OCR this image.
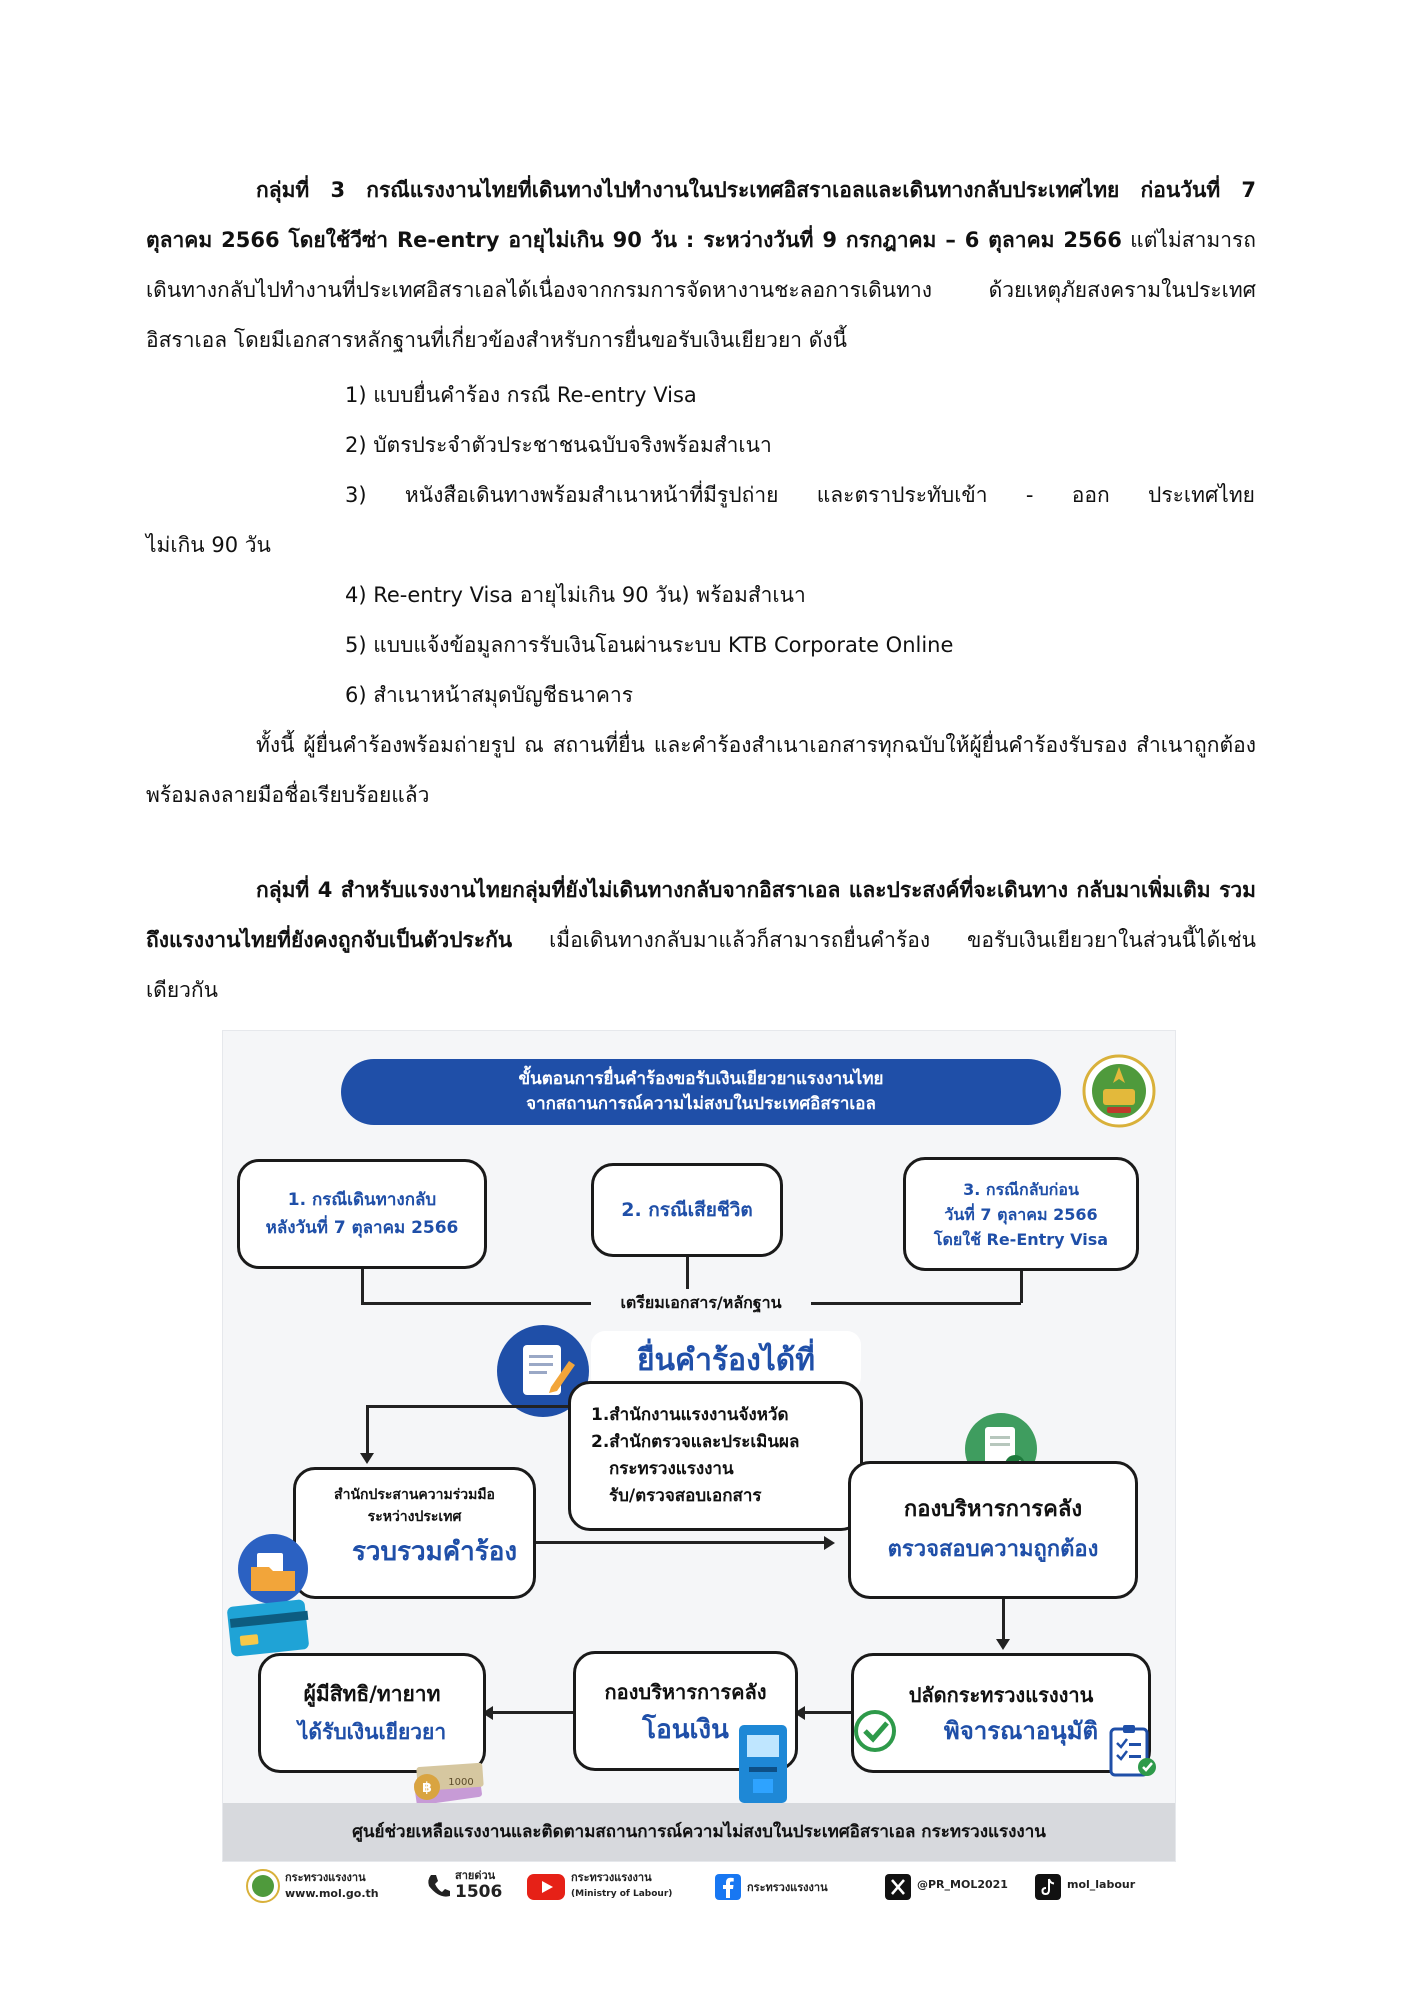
กลุ่มที่ 3 กรณีแรงงานไทยที่เดินทางไปทำงานในประเทศอิสราเอลและเดินทางกลับประเทศไทย ก่อนวันที่ 7 ตุลาคม 2566 โดยใช้วีซ่า Re-entry อายุไม่เกิน 90 วัน : ระหว่างวันที่ 9 กรกฎาคม – 6 ตุลาคม 2566 แต่ไม่สามารถเดินทางกลับไปทำงานที่ประเทศอิสราเอลได้เนื่องจากกรมการจัดหางานชะลอการเดินทาง ด้วยเหตุภัยสงครามในประเทศอิสราเอล โดยมีเอกสารหลักฐานที่เกี่ยวข้องสำหรับการยื่นขอรับเงินเยียวยา ดังนี้

1) แบบยื่นคำร้อง กรณี Re-entry Visa

2) บัตรประจำตัวประชาชนฉบับจริงพร้อมสำเนา

3) หนังสือเดินทางพร้อมสำเนาหน้าที่มีรูปถ่าย และตราประทับเข้า - ออก ประเทศไทย

ไม่เกิน 90 วัน

4) Re-entry Visa อายุไม่เกิน 90 วัน) พร้อมสำเนา

5) แบบแจ้งข้อมูลการรับเงินโอนผ่านระบบ KTB Corporate Online

6) สำเนาหน้าสมุดบัญชีธนาคาร

ทั้งนี้ ผู้ยื่นคำร้องพร้อมถ่ายรูป ณ สถานที่ยื่น และคำร้องสำเนาเอกสารทุกฉบับให้ผู้ยื่นคำร้องรับรอง สำเนาถูกต้องพร้อมลงลายมือชื่อเรียบร้อยแล้ว

กลุ่มที่ 4 สำหรับแรงงานไทยกลุ่มที่ยังไม่เดินทางกลับจากอิสราเอล และประสงค์ที่จะเดินทาง กลับมาเพิ่มเติม รวมถึงแรงงานไทยที่ยังคงถูกจับเป็นตัวประกัน เมื่อเดินทางกลับมาแล้วก็สามารถยื่นคำร้อง ขอรับเงินเยียวยาในส่วนนี้ได้เช่นเดียวกัน

ขั้นตอนการยื่นคำร้องขอรับเงินเยียวยาแรงงานไทย
จากสถานการณ์ความไม่สงบในประเทศอิสราเอล
1. กรณีเดินทางกลับ
หลังวันที่ 7 ตุลาคม 2566
2. กรณีเสียชีวิต
3. กรณีกลับก่อน
วันที่ 7 ตุลาคม 2566
โดยใช้ Re-Entry Visa
เตรียมเอกสาร/หลักฐาน
ยื่นคำร้องได้ที่
1.สำนักงานแรงงานจังหวัด
2.สำนักตรวจและประเมินผล
กระทรวงแรงงาน
รับ/ตรวจสอบเอกสาร
สำนักประสานความร่วมมือ
ระหว่างประเทศ
รวบรวมคำร้อง
กองบริหารการคลัง
ตรวจสอบความถูกต้อง
ปลัดกระทรวงแรงงาน
พิจารณาอนุมัติ
กองบริหารการคลัง
โอนเงิน
ผู้มีสิทธิ/ทายาท
ได้รับเงินเยียวยา
฿ 1000
ศูนย์ช่วยเหลือแรงงานและติดตามสถานการณ์ความไม่สงบในประเทศอิสราเอล กระทรวงแรงงาน
กระทรวงแรงงาน
www.mol.go.th
สายด่วน
1506
กระทรวงแรงงาน
(Ministry of Labour)	กระทรวงแรงงาน	@PR_MOL2021	mol_labour
